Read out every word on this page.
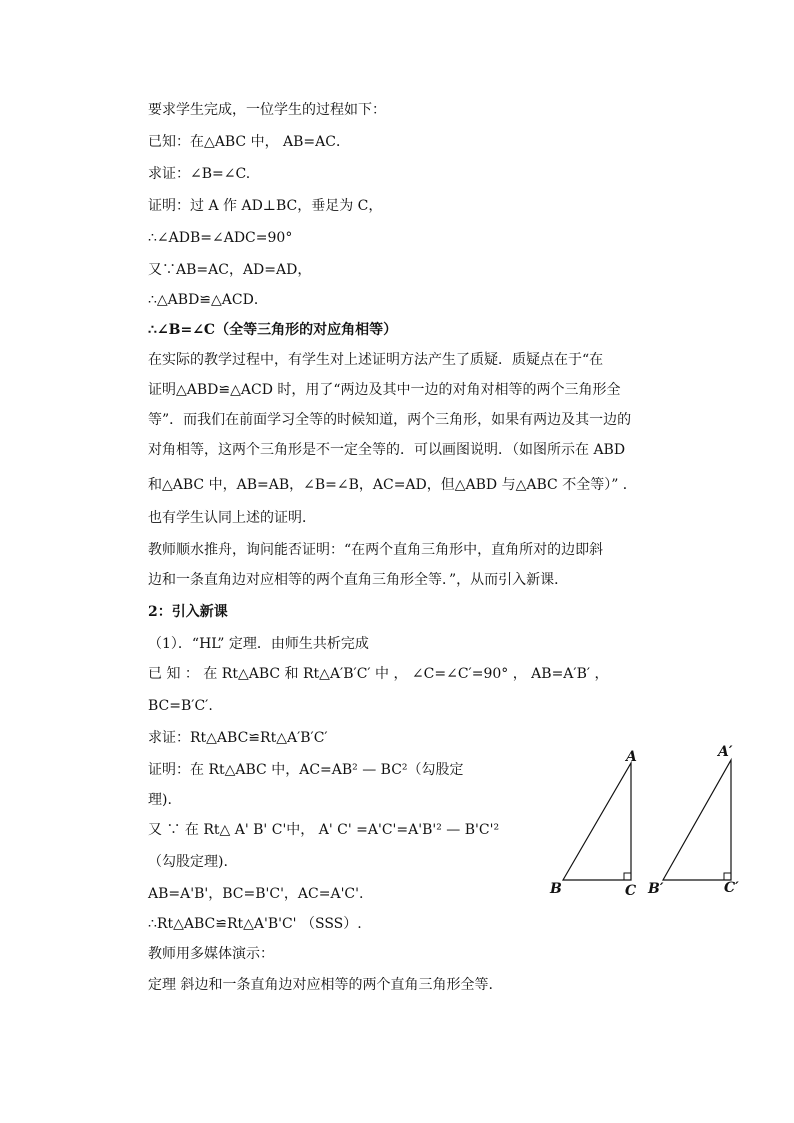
要求学生完成，一位学生的过程如下：
已知：在△ABC 中， AB=AC．
求证：∠B=∠C.
证明：过 A 作 AD⊥BC，垂足为 C，
∴∠ADB=∠ADC=90°
又∵AB=AC，AD=AD，
∴△ABD≌△ACD．
∴∠B=∠C（全等三角形的对应角相等）
在实际的教学过程中，有学生对上述证明方法产生了质疑．质疑点在于“在
证明△ABD≌△ACD 时，用了“两边及其中一边的对角对相等的两个三角形全
等”．而我们在前面学习全等的时候知道，两个三角形，如果有两边及其一边的
对角相等，这两个三角形是不一定全等的．可以画图说明．（如图所示在 ABD
和△ABC 中，AB=AB，∠B=∠B，AC=AD，但△ABD 与△ABC 不全等）” ．
也有学生认同上述的证明．
教师顺水推舟，询问能否证明：“在两个直角三角形中，直角所对的边即斜
边和一条直角边对应相等的两个直角三角形全等．”，从而引入新课．
2：引入新课
（1）．“HL” 定理．由师生共析完成
已 知 ： 在 Rt△ABC 和 Rt△A′B′C′ 中 ， ∠C=∠C′=90° ， AB=A′B′ ，
BC=B′C′.
求证：Rt△ABC≌Rt△A′B′C′
证明：在 Rt△ABC 中，AC=AB² — BC²（勾股定
理).
又 ∵ 在 Rt△ A' B' C'中， A' C' =A'C'=A'B'² — B'C'²
（勾股定理).
AB=A'B'，BC=B'C'，AC=A'C'.
∴Rt△ABC≌Rt△A'B'C' （SSS）.
教师用多媒体演示：
定理 斜边和一条直角边对应相等的两个直角三角形全等.
A
B	C
A′
B′	C′
